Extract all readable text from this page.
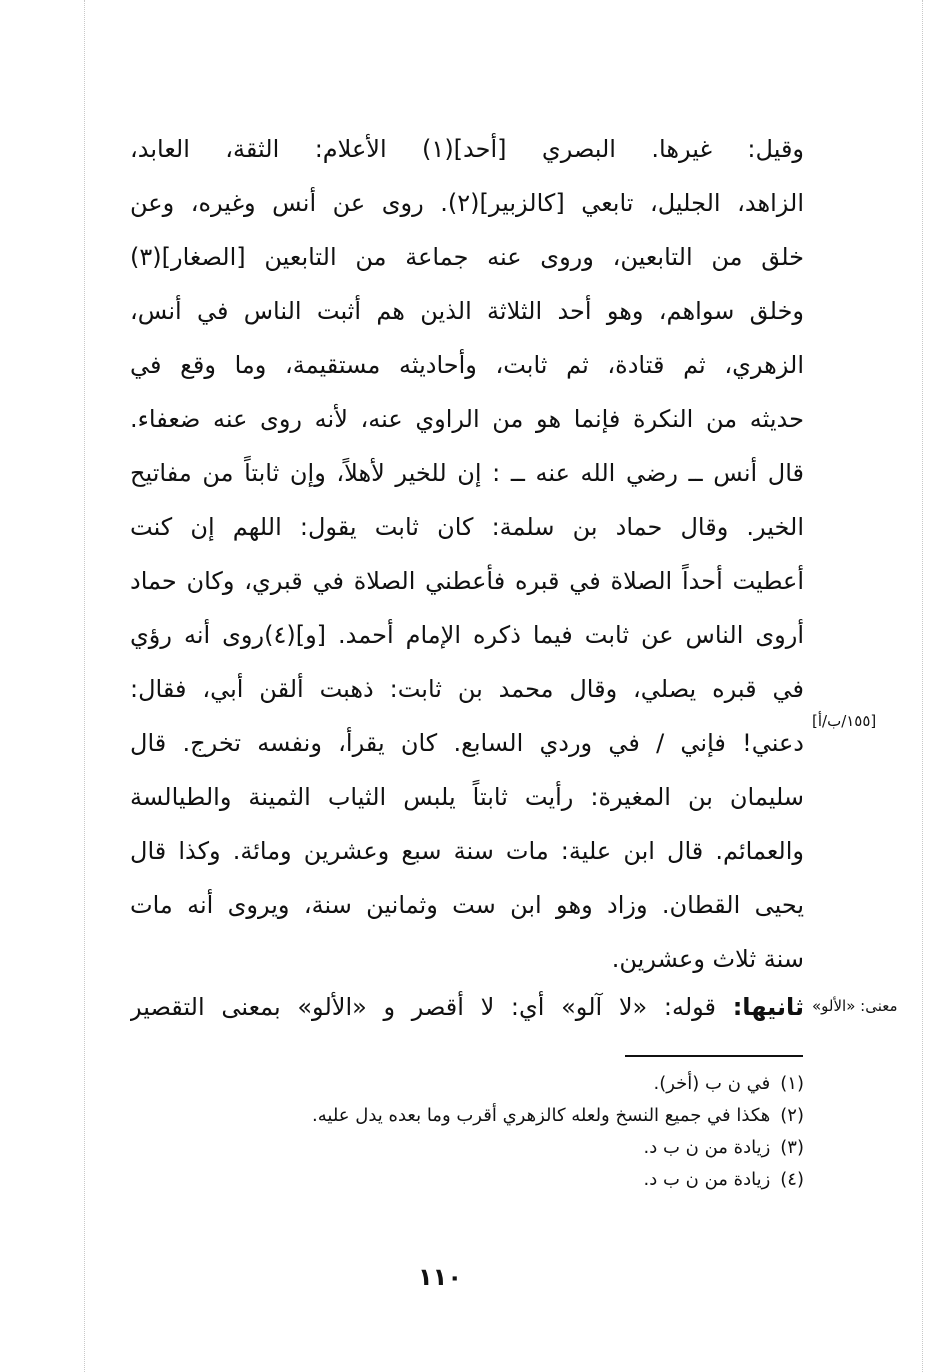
وقيل: غيرها. البصري [أحد](١) الأعلام: الثقة، العابد،
الزاهد، الجليل، تابعي [كالزبير](٢). روى عن أنس وغيره، وعن
خلق من التابعين، وروى عنه جماعة من التابعين [الصغار](٣)
وخلق سواهم، وهو أحد الثلاثة الذين هم أثبت الناس في أنس،
الزهري، ثم قتادة، ثم ثابت، وأحاديثه مستقيمة، وما وقع في
حديثه من النكرة فإنما هو من الراوي عنه، لأنه روى عنه ضعفاء.
قال أنس ــ رضي الله عنه ــ : إن للخير لأهلاً، وإن ثابتاً من مفاتيح
الخير. وقال حماد بن سلمة: كان ثابت يقول: اللهم إن كنت
أعطيت أحداً الصلاة في قبره فأعطني الصلاة في قبري، وكان حماد
أروى الناس عن ثابت فيما ذكره الإمام أحمد. [و](٤)روى أنه رؤي
في قبره يصلي، وقال محمد بن ثابت: ذهبت ألقن أبي، فقال:
دعني! فإني / في وردي السابع. كان يقرأ، ونفسه تخرج. قال
سليمان بن المغيرة: رأيت ثابتاً يلبس الثياب الثمينة والطيالسة
والعمائم. قال ابن علية: مات سنة سبع وعشرين ومائة. وكذا قال
يحيى القطان. وزاد وهو ابن ست وثمانين سنة، ويروى أنه مات
سنة ثلاث وعشرين.
[١٥٥/ب/أ]
معنى: «الألو»
ثانيها: قوله: «لا آلو» أي: لا أقصر و «الألو» بمعنى التقصير
(١)في ن ب (أخر).
(٢)هكذا في جميع النسخ ولعله كالزهري أقرب وما بعده يدل عليه.
(٣)زيادة من ن ب د.
(٤)زيادة من ن ب د.
١١٠
